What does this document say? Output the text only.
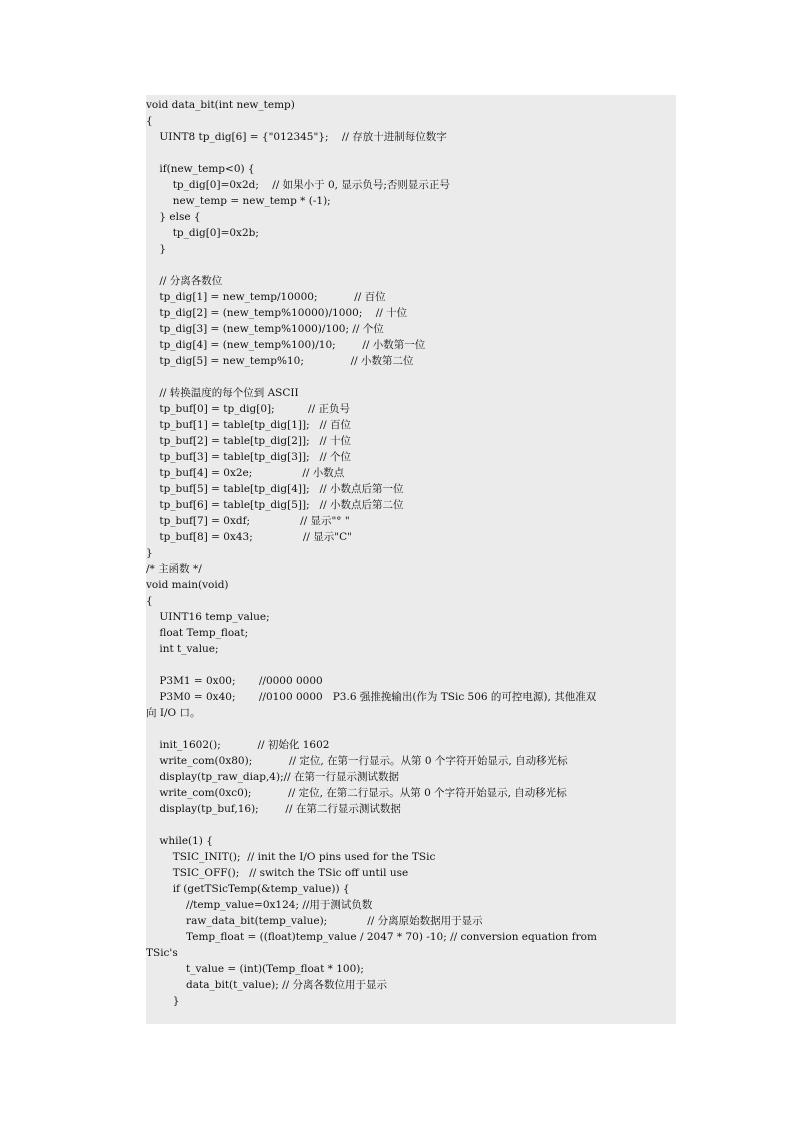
void data_bit(int new_temp)
{
UINT8 tp_dig[6] = {"012345"};    // 存放十进制每位数字
if(new_temp<0) {
tp_dig[0]=0x2d;    // 如果小于 0, 显示负号;否则显示正号
new_temp = new_temp * (-1);
} else {
tp_dig[0]=0x2b;
}
// 分离各数位
tp_dig[1] = new_temp/10000;           // 百位
tp_dig[2] = (new_temp%10000)/1000;    // 十位
tp_dig[3] = (new_temp%1000)/100; // 个位
tp_dig[4] = (new_temp%100)/10;        // 小数第一位
tp_dig[5] = new_temp%10;              // 小数第二位
// 转换温度的每个位到 ASCII
tp_buf[0] = tp_dig[0];          // 正负号
tp_buf[1] = table[tp_dig[1]];   // 百位
tp_buf[2] = table[tp_dig[2]];   // 十位
tp_buf[3] = table[tp_dig[3]];   // 个位
tp_buf[4] = 0x2e;               // 小数点
tp_buf[5] = table[tp_dig[4]];   // 小数点后第一位
tp_buf[6] = table[tp_dig[5]];   // 小数点后第二位
tp_buf[7] = 0xdf;               // 显示"° "
tp_buf[8] = 0x43;               // 显示"C"
}
/* 主函数 */
void main(void)
{
UINT16 temp_value;
float Temp_float;
int t_value;
P3M1 = 0x00;       //0000 0000
P3M0 = 0x40;       //0100 0000   P3.6 强推挽输出(作为 TSic 506 的可控电源), 其他准双
向 I/O 口。
init_1602();           // 初始化 1602
write_com(0x80);           // 定位, 在第一行显示。从第 0 个字符开始显示, 自动移光标
display(tp_raw_diap,4);// 在第一行显示测试数据
write_com(0xc0);           // 定位, 在第二行显示。从第 0 个字符开始显示, 自动移光标
display(tp_buf,16);        // 在第二行显示测试数据
while(1) {
TSIC_INIT();  // init the I/O pins used for the TSic
TSIC_OFF();   // switch the TSic off until use
if (getTSicTemp(&temp_value)) {
//temp_value=0x124; //用于测试负数
raw_data_bit(temp_value);            // 分离原始数据用于显示
Temp_float = ((float)temp_value / 2047 * 70) -10; // conversion equation from
TSic's
t_value = (int)(Temp_float * 100);
data_bit(t_value); // 分离各数位用于显示
}
